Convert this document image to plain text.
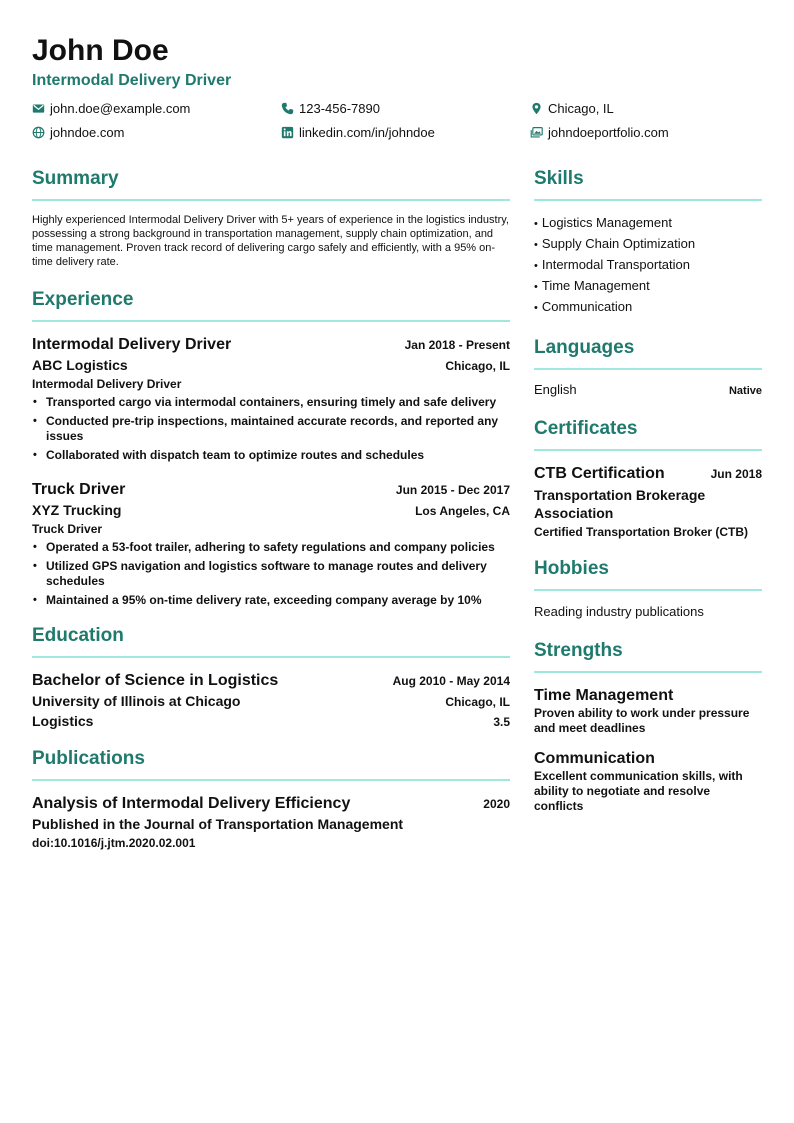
John Doe
Intermodal Delivery Driver
john.doe@example.com	123-456-7890	Chicago, IL
johndoe.com	linkedin.com/in/johndoe	johndoeportfolio.com
Summary

Highly experienced Intermodal Delivery Driver with 5+ years of experience in the logistics industry, possessing a strong background in transportation management, supply chain optimization, and time management. Proven track record of delivering cargo safely and efficiently, with a 95% on-time delivery rate.

Experience
Intermodal Delivery Driver	Jan 2018 - Present
ABC Logistics	Chicago, IL
Intermodal Delivery Driver
• Transported cargo via intermodal containers, ensuring timely and safe delivery
• Conducted pre-trip inspections, maintained accurate records, and reported any issues
• Collaborated with dispatch team to optimize routes and schedules
Truck Driver	Jun 2015 - Dec 2017
XYZ Trucking	Los Angeles, CA
Truck Driver
• Operated a 53-foot trailer, adhering to safety regulations and company policies
• Utilized GPS navigation and logistics software to manage routes and delivery schedules
• Maintained a 95% on-time delivery rate, exceeding company average by 10%
Education
Bachelor of Science in Logistics	Aug 2010 - May 2014
University of Illinois at Chicago	Chicago, IL
Logistics	3.5
Publications
Analysis of Intermodal Delivery Efficiency	2020
Published in the Journal of Transportation Management
doi:10.1016/j.jtm.2020.02.001
Skills
• Logistics Management
• Supply Chain Optimization
• Intermodal Transportation
• Time Management
• Communication
Languages
English	Native
Certificates
CTB Certification	Jun 2018
Transportation Brokerage Association
Certified Transportation Broker (CTB)
Hobbies
Reading industry publications
Strengths
Time Management
Proven ability to work under pressure and meet deadlines
Communication
Excellent communication skills, with ability to negotiate and resolve conflicts
